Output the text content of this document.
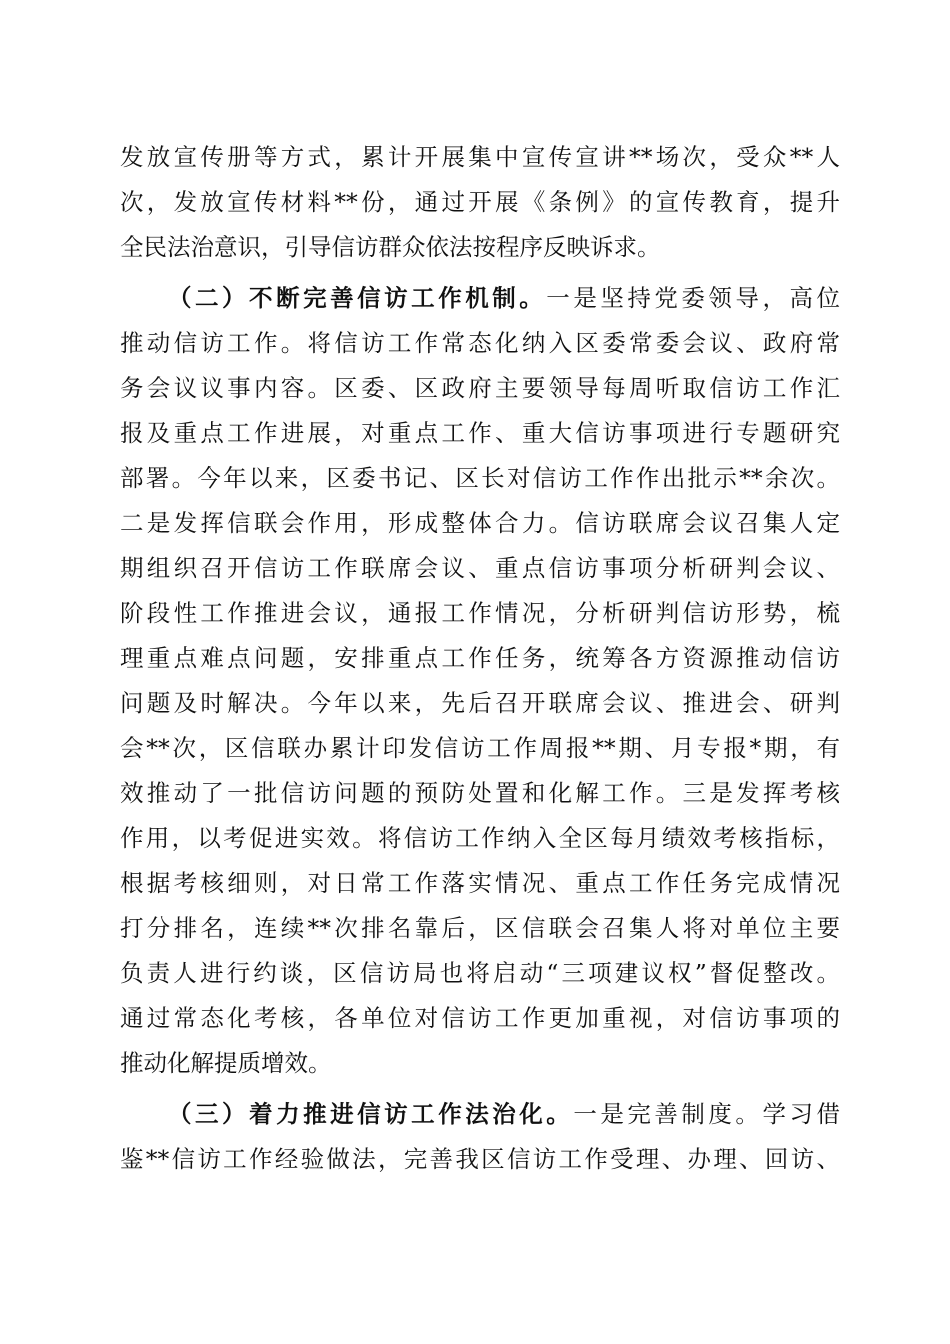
发放宣传册等方式，累计开展集中宣传宣讲**场次，受众**人
次，发放宣传材料**份，通过开展《条例》的宣传教育，提升
全民法治意识，引导信访群众依法按程序反映诉求。
（二）不断完善信访工作机制。一是坚持党委领导，高位
推动信访工作。将信访工作常态化纳入区委常委会议、政府常
务会议议事内容。区委、区政府主要领导每周听取信访工作汇
报及重点工作进展，对重点工作、重大信访事项进行专题研究
部署。今年以来，区委书记、区长对信访工作作出批示**余次。
二是发挥信联会作用，形成整体合力。信访联席会议召集人定
期组织召开信访工作联席会议、重点信访事项分析研判会议、
阶段性工作推进会议，通报工作情况，分析研判信访形势，梳
理重点难点问题，安排重点工作任务，统筹各方资源推动信访
问题及时解决。今年以来，先后召开联席会议、推进会、研判
会**次，区信联办累计印发信访工作周报**期、月专报*期，有
效推动了一批信访问题的预防处置和化解工作。三是发挥考核
作用，以考促进实效。将信访工作纳入全区每月绩效考核指标，
根据考核细则，对日常工作落实情况、重点工作任务完成情况
打分排名，连续**次排名靠后，区信联会召集人将对单位主要
负责人进行约谈，区信访局也将启动“三项建议权”督促整改。
通过常态化考核，各单位对信访工作更加重视，对信访事项的
推动化解提质增效。
（三）着力推进信访工作法治化。一是完善制度。学习借
鉴**信访工作经验做法，完善我区信访工作受理、办理、回访、
